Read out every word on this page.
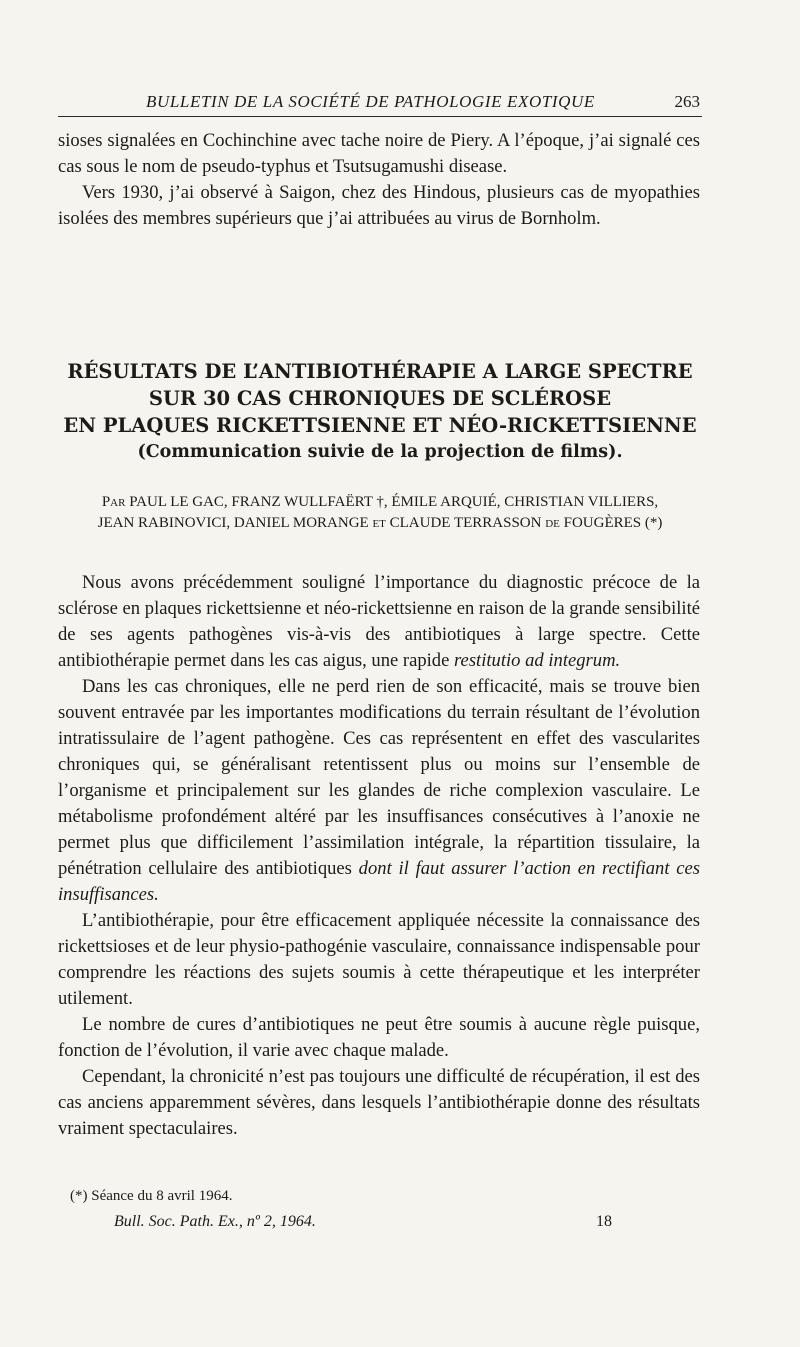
BULLETIN DE LA SOCIÉTÉ DE PATHOLOGIE EXOTIQUE	263

sioses signalées en Cochinchine avec tache noire de Piery. A l’époque, j’ai signalé ces cas sous le nom de pseudo-typhus et Tsutsugamushi disease.

Vers 1930, j’ai observé à Saigon, chez des Hindous, plusieurs cas de myopathies isolées des membres supérieurs que j’ai attribuées au virus de Bornholm.

RÉSULTATS DE L’ANTIBIOTHÉRAPIE A LARGE SPECTRE
SUR 30 CAS CHRONIQUES DE SCLÉROSE
EN PLAQUES RICKETTSIENNE ET NÉO-RICKETTSIENNE
(Communication suivie de la projection de films).
Par PAUL LE GAC, FRANZ WULLFAËRT †, ÉMILE ARQUIÉ, CHRISTIAN VILLIERS,
JEAN RABINOVICI, DANIEL MORANGE et CLAUDE TERRASSON de FOUGÈRES (*)

Nous avons précédemment souligné l’importance du diagnostic précoce de la sclérose en plaques rickettsienne et néo-rickettsienne en raison de la grande sensibilité de ses agents pathogènes vis-à-vis des antibiotiques à large spectre. Cette antibiothérapie permet dans les cas aigus, une rapide restitutio ad integrum.

Dans les cas chroniques, elle ne perd rien de son efficacité, mais se trouve bien souvent entravée par les importantes modifications du terrain résultant de l’évolution intratissulaire de l’agent pathogène. Ces cas représentent en effet des vascularites chroniques qui, se généralisant retentissent plus ou moins sur l’ensemble de l’organisme et principalement sur les glandes de riche complexion vasculaire. Le métabolisme profondément altéré par les insuffisances consécutives à l’anoxie ne permet plus que difficilement l’assimilation intégrale, la répartition tissulaire, la pénétration cellulaire des antibiotiques dont il faut assurer l’action en rectifiant ces insuffisances.

L’antibiothérapie, pour être efficacement appliquée nécessite la connaissance des rickettsioses et de leur physio-pathogénie vasculaire, connaissance indispensable pour comprendre les réactions des sujets soumis à cette thérapeutique et les interpréter utilement.

Le nombre de cures d’antibiotiques ne peut être soumis à aucune règle puisque, fonction de l’évolution, il varie avec chaque malade.

Cependant, la chronicité n’est pas toujours une difficulté de récupération, il est des cas anciens apparemment sévères, dans lesquels l’antibiothérapie donne des résultats vraiment spectaculaires.

(*) Séance du 8 avril 1964.
Bull. Soc. Path. Ex., nº 2, 1964.	18
